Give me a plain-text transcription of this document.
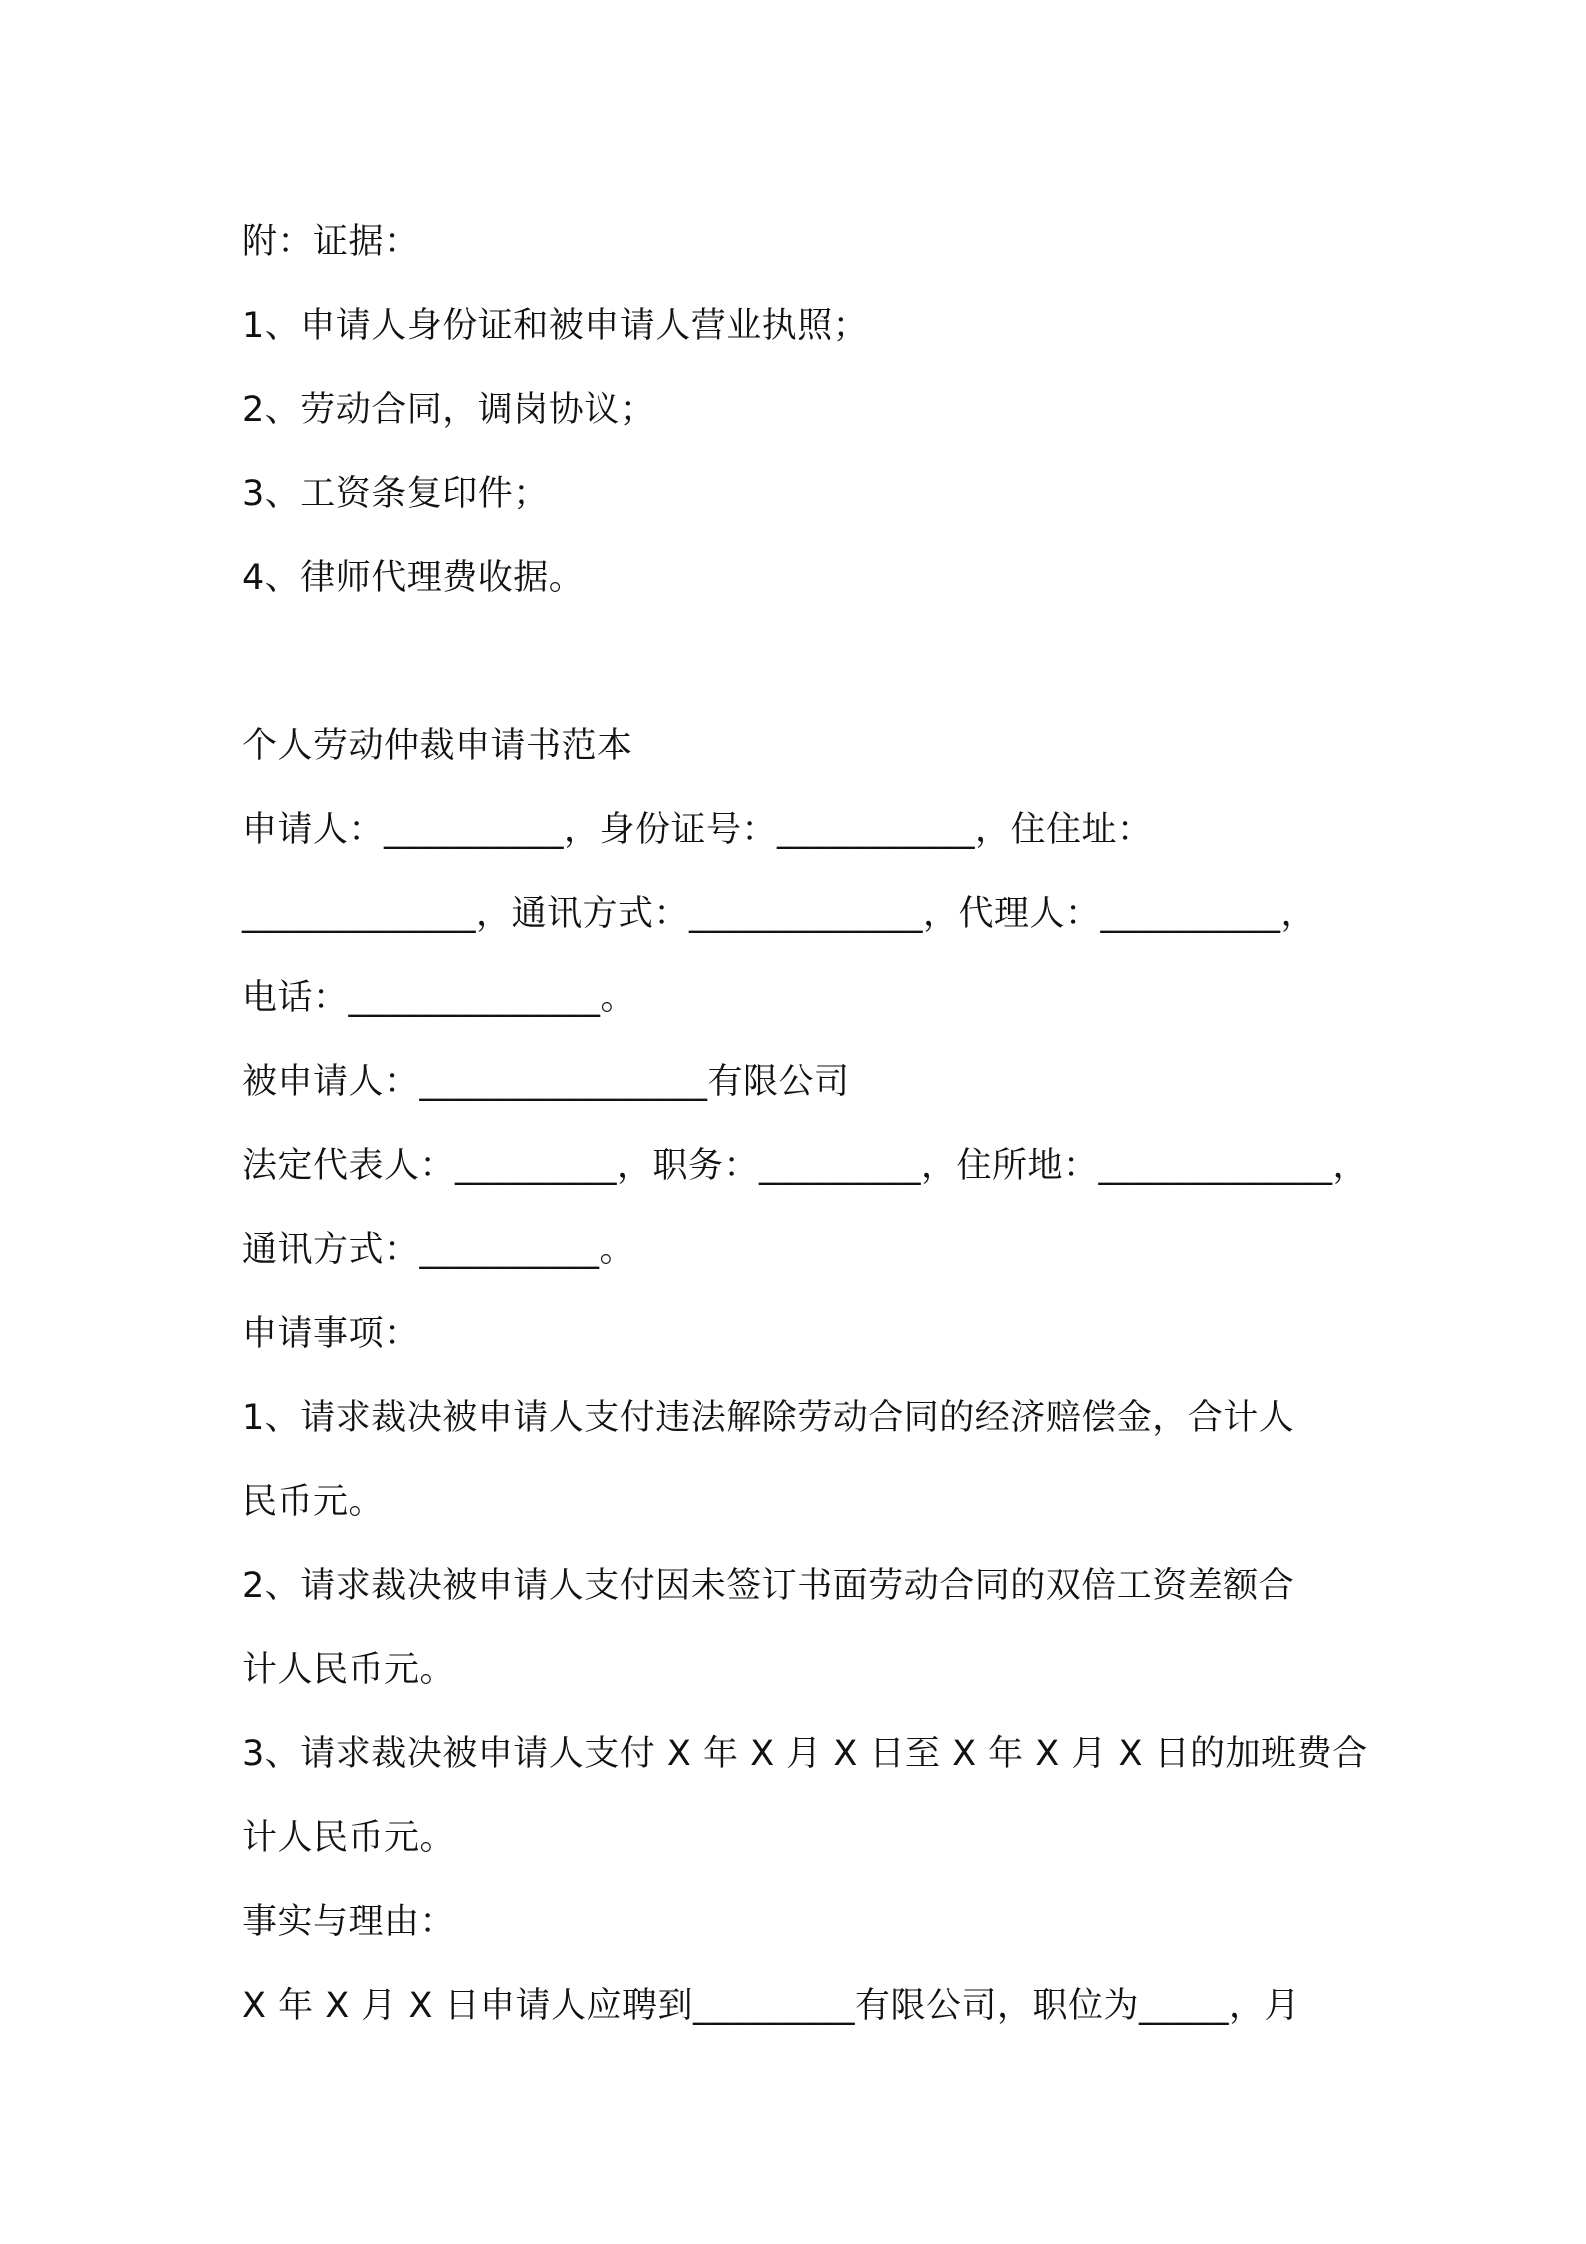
附：证据：
1、申请人身份证和被申请人营业执照；
2、劳动合同，调岗协议；
3、工资条复印件；
4、律师代理费收据。
个人劳动仲裁申请书范本
申请人：__________，身份证号：___________，住住址：
_____________，通讯方式：_____________，代理人：__________，
电话：______________。
被申请人：________________有限公司
法定代表人：_________，职务：_________，住所地：_____________，
通讯方式：__________。
申请事项：
1、请求裁决被申请人支付违法解除劳动合同的经济赔偿金，合计人
民币元。
2、请求裁决被申请人支付因未签订书面劳动合同的双倍工资差额合
计人民币元。
3、请求裁决被申请人支付 X 年 X 月 X 日至 X 年 X 月 X 日的加班费合
计人民币元。
事实与理由：
X 年 X 月 X 日申请人应聘到_________有限公司，职位为_____，月
